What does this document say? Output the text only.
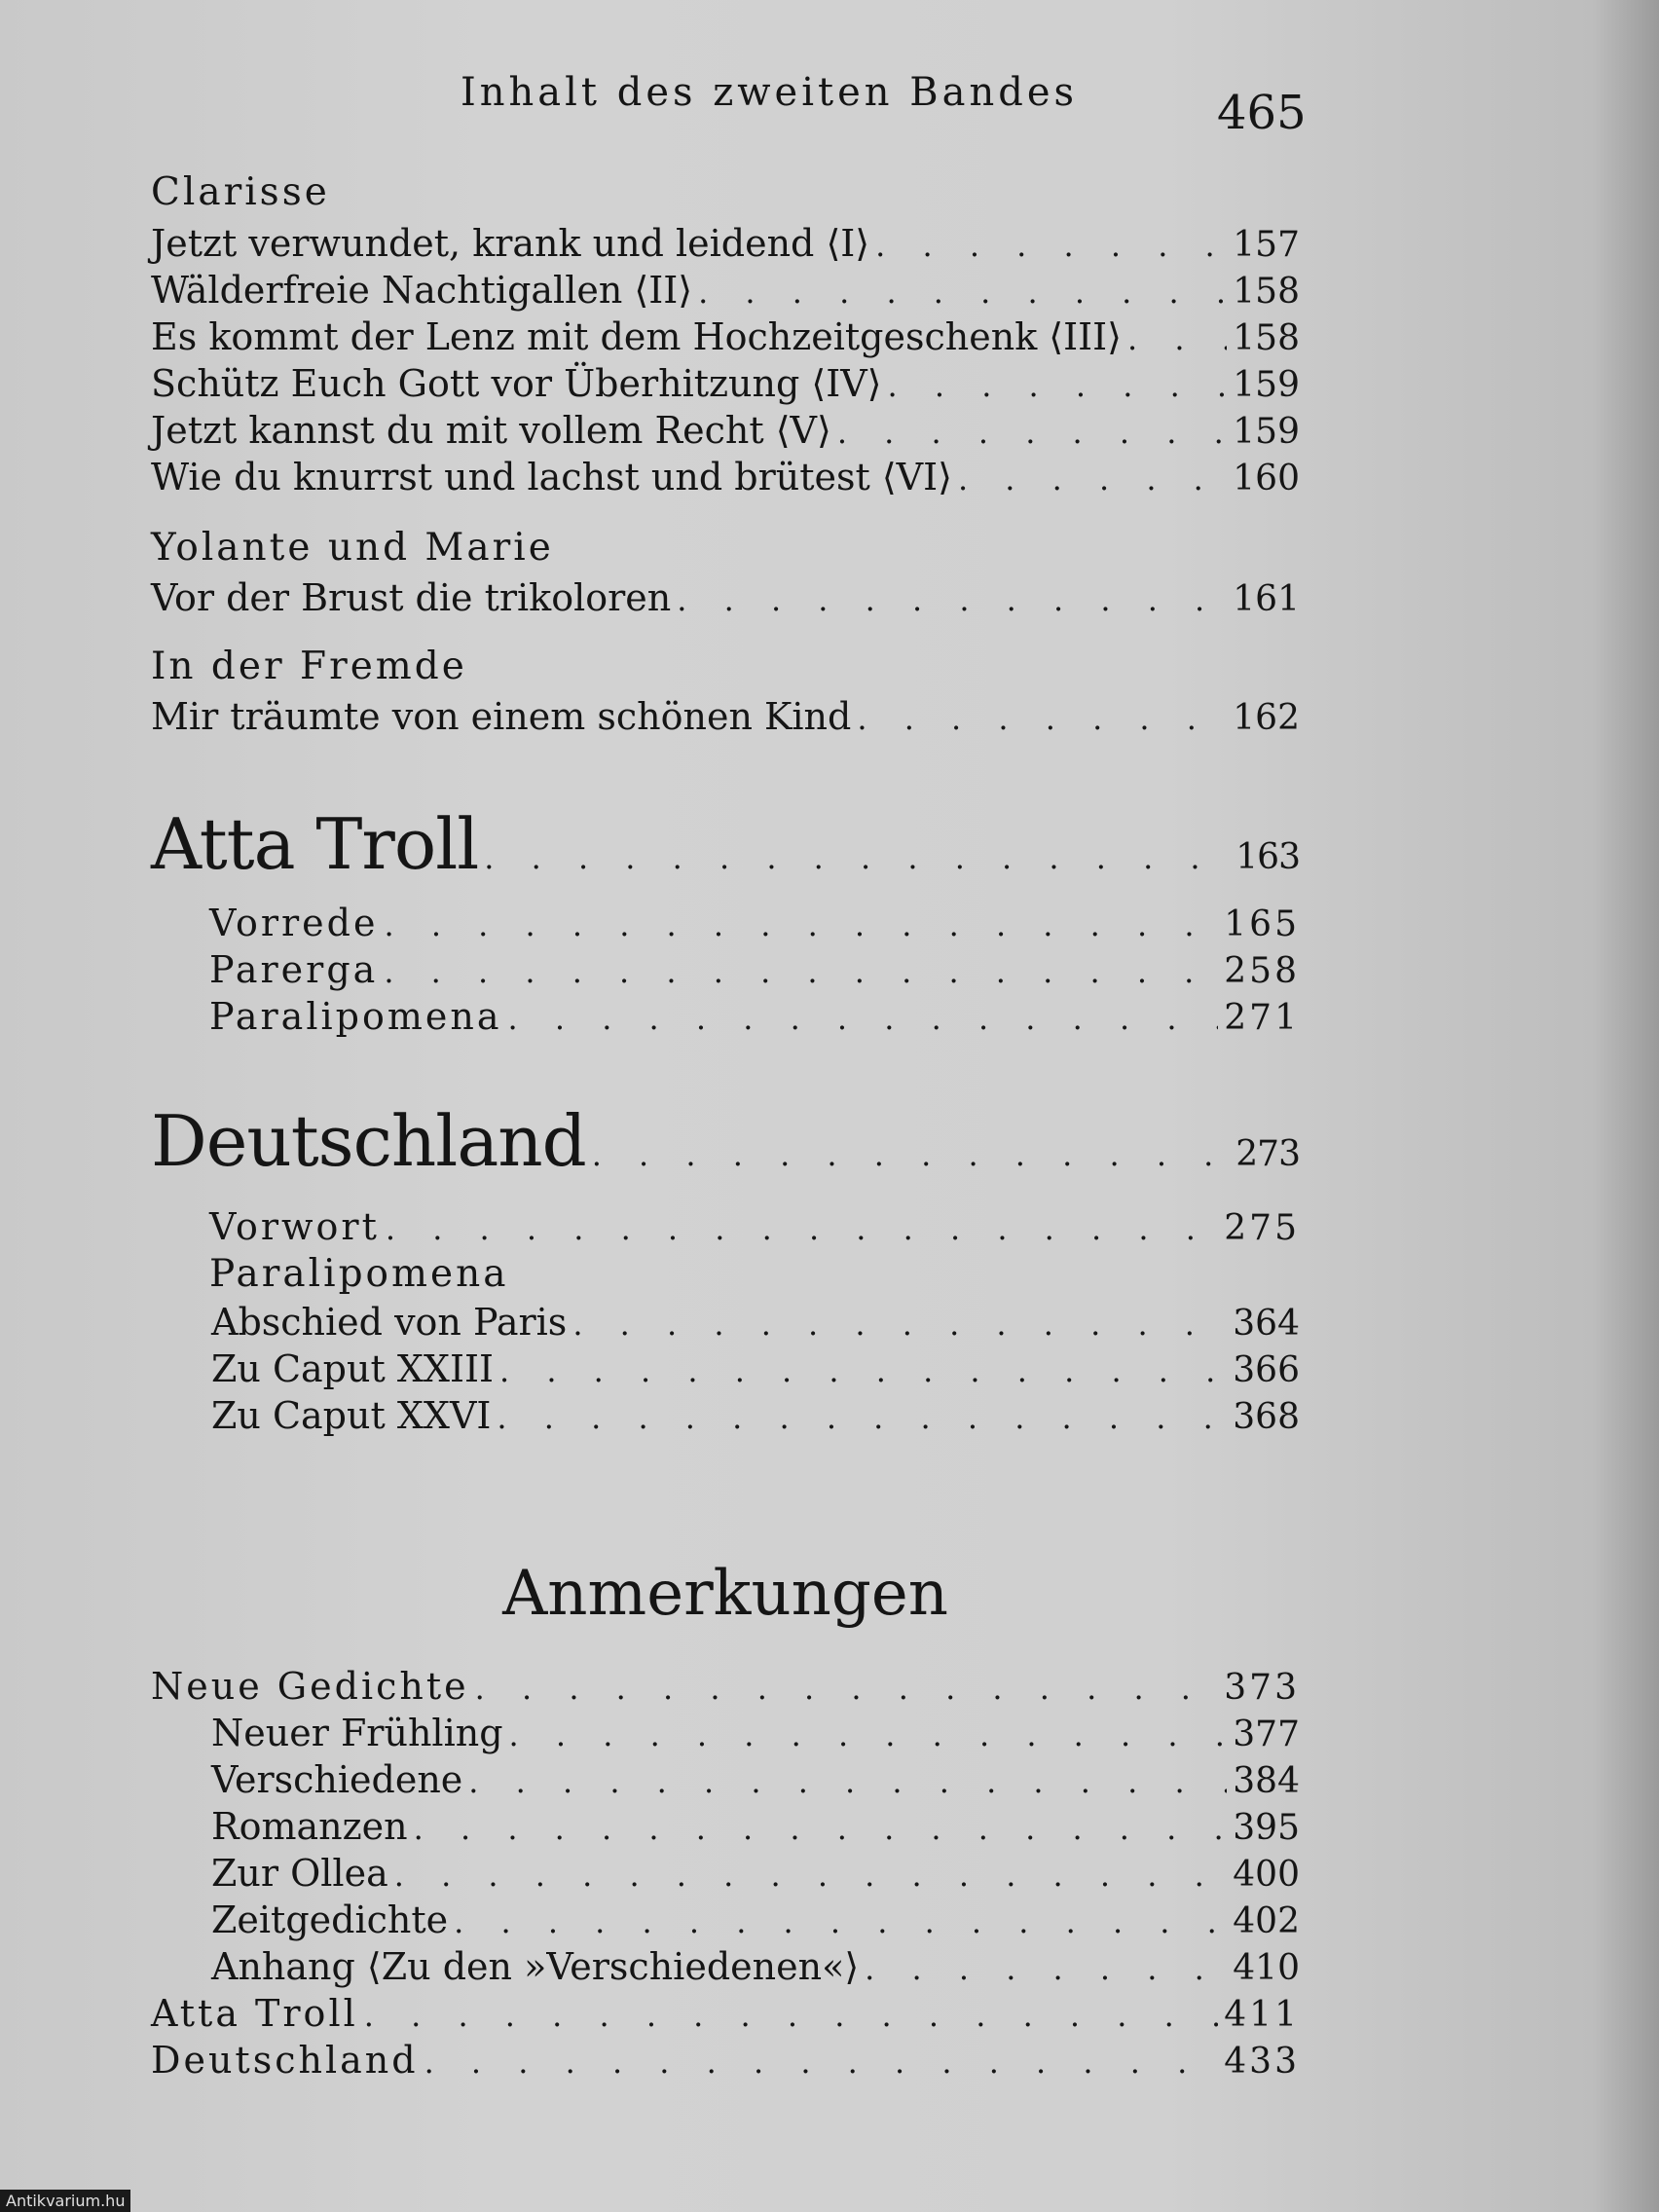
Inhalt des zweiten Bandes	465
Clarisse
Jetzt verwundet, krank und leidend ⟨I⟩ . . .	157
Wälderfreie Nachtigallen ⟨II⟩ . . .	158
Es kommt der Lenz mit dem Hochzeitgeschenk ⟨III⟩ . . .	158
Schütz Euch Gott vor Überhitzung ⟨IV⟩ . . .	159
Jetzt kannst du mit vollem Recht ⟨V⟩ . . .	159
Wie du knurrst und lachst und brütest ⟨VI⟩ . . .	160
Yolante und Marie
Vor der Brust die trikoloren . . .	161
In der Fremde
Mir träumte von einem schönen Kind . . .	162
Atta Troll . . .	163
Vorrede . . .	165
Parerga . . .	258
Paralipomena . . .	271
Deutschland . . .	273
Vorwort . . .	275
Paralipomena
Abschied von Paris . . .	364
Zu Caput XXIII . . .	366
Zu Caput XXVI . . .	368
Anmerkungen
Neue Gedichte . . .	373
Neuer Frühling . . .	377
Verschiedene . . .	384
Romanzen . . .	395
Zur Ollea . . .	400
Zeitgedichte . . .	402
Anhang ⟨Zu den »Verschiedenen«⟩ . . .	410
Atta Troll . . .	411
Deutschland . . .	433
Antikvarium.hu
